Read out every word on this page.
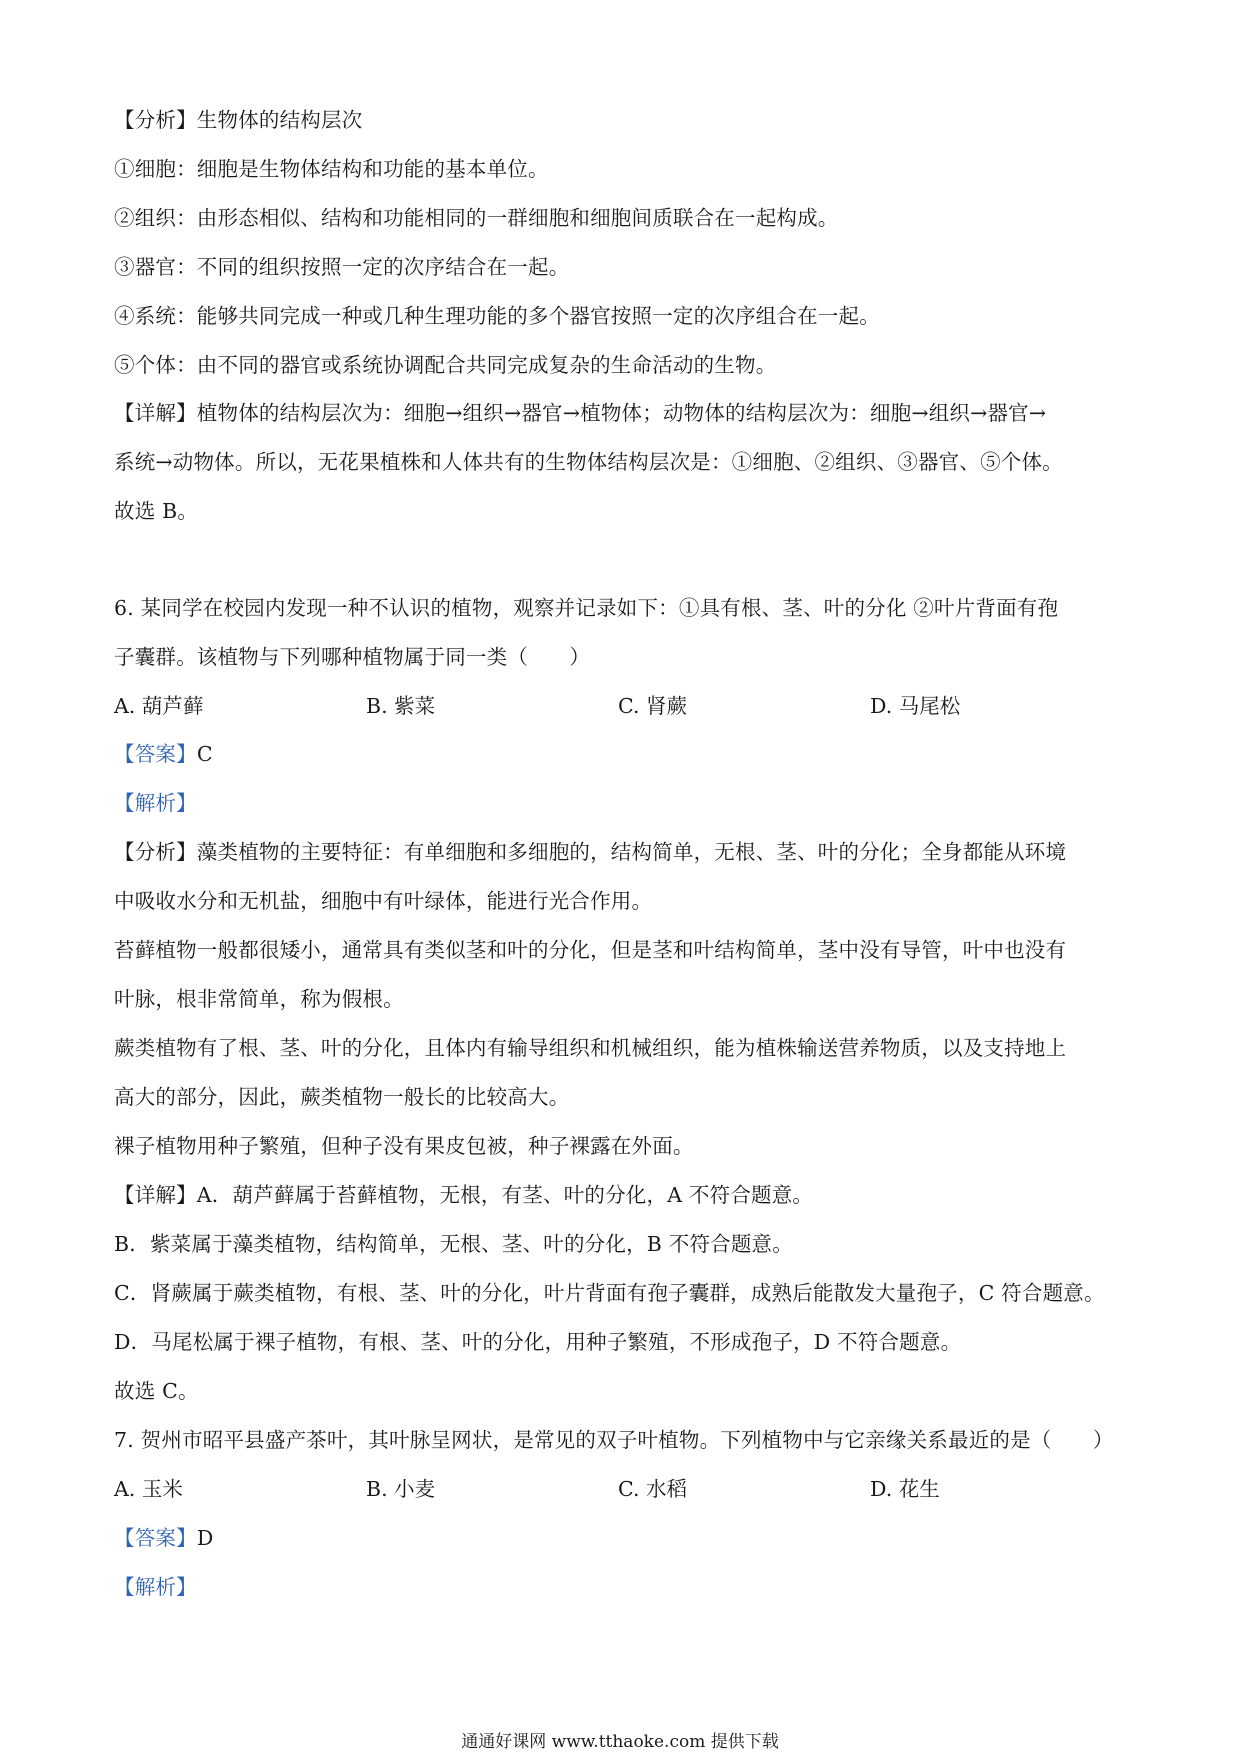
【分析】生物体的结构层次
①细胞：细胞是生物体结构和功能的基本单位。
②组织：由形态相似、结构和功能相同的一群细胞和细胞间质联合在一起构成。
③器官：不同的组织按照一定的次序结合在一起。
④系统：能够共同完成一种或几种生理功能的多个器官按照一定的次序组合在一起。
⑤个体：由不同的器官或系统协调配合共同完成复杂的生命活动的生物。
【详解】植物体的结构层次为：细胞→组织→器官→植物体；动物体的结构层次为：细胞→组织→器官→
系统→动物体。所以，无花果植株和人体共有的生物体结构层次是：①细胞、②组织、③器官、⑤个体。
故选 B。
6. 某同学在校园内发现一种不认识的植物，观察并记录如下：①具有根、茎、叶的分化 ②叶片背面有孢
子囊群。该植物与下列哪种植物属于同一类（　　）
A. 葫芦藓	B. 紫菜	C. 肾蕨	D. 马尾松
【答案】C
【解析】
【分析】藻类植物的主要特征：有单细胞和多细胞的，结构简单，无根、茎、叶的分化；全身都能从环境
中吸收水分和无机盐，细胞中有叶绿体，能进行光合作用。
苔藓植物一般都很矮小，通常具有类似茎和叶的分化，但是茎和叶结构简单，茎中没有导管，叶中也没有
叶脉，根非常简单，称为假根。
蕨类植物有了根、茎、叶的分化，且体内有输导组织和机械组织，能为植株输送营养物质，以及支持地上
高大的部分，因此，蕨类植物一般长的比较高大。
裸子植物用种子繁殖，但种子没有果皮包被，种子裸露在外面。
【详解】A．葫芦藓属于苔藓植物，无根，有茎、叶的分化，A 不符合题意。
B．紫菜属于藻类植物，结构简单，无根、茎、叶的分化，B 不符合题意。
C．肾蕨属于蕨类植物，有根、茎、叶的分化，叶片背面有孢子囊群，成熟后能散发大量孢子，C 符合题意。
D．马尾松属于裸子植物，有根、茎、叶的分化，用种子繁殖，不形成孢子，D 不符合题意。
故选 C。
7. 贺州市昭平县盛产茶叶，其叶脉呈网状，是常见的双子叶植物。下列植物中与它亲缘关系最近的是（　　）
A. 玉米	B. 小麦	C. 水稻	D. 花生
【答案】D
【解析】
通通好课网 www.tthaoke.com 提供下载
